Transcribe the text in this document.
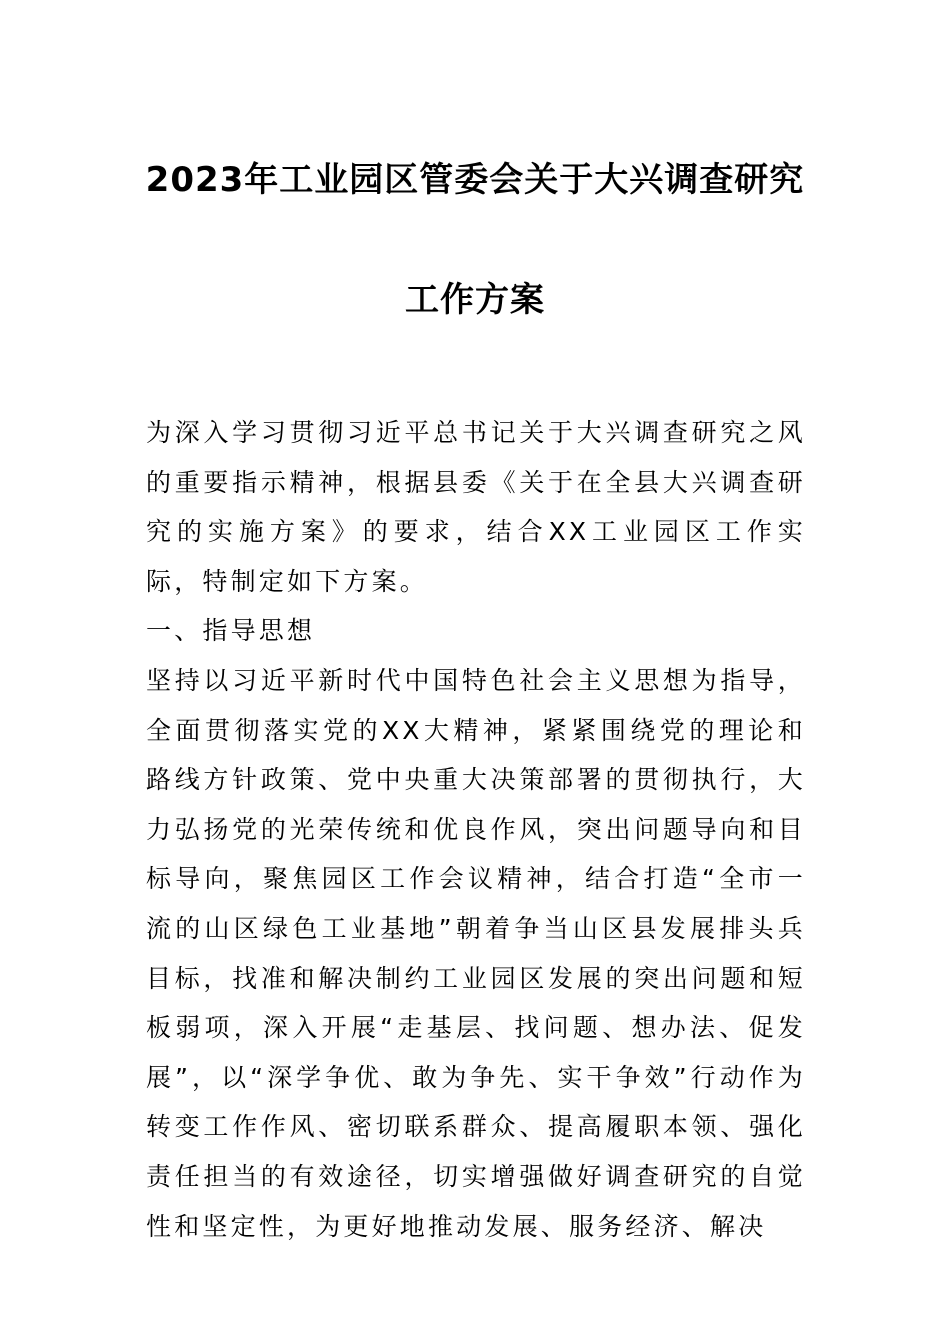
2023年工业园区管委会关于大兴调查研究
工作方案

为深入学习贯彻习近平总书记关于大兴调查研究之风的重要指示精神，根据县委《关于在全县大兴调查研究的实施方案》的要求，结合XX工业园区工作实际，特制定如下方案。

一、指导思想

坚持以习近平新时代中国特色社会主义思想为指导，全面贯彻落实党的XX大精神，紧紧围绕党的理论和路线方针政策、党中央重大决策部署的贯彻执行，大力弘扬党的光荣传统和优良作风，突出问题导向和目标导向，聚焦园区工作会议精神，结合打造“全市一流的山区绿色工业基地”朝着争当山区县发展排头兵目标，找准和解决制约工业园区发展的突出问题和短板弱项，深入开展“走基层、找问题、想办法、促发展”，以“深学争优、敢为争先、实干争效”行动作为转变工作作风、密切联系群众、提高履职本领、强化责任担当的有效途径，切实增强做好调查研究的自觉性和坚定性，为更好地推动发展、服务经济、解决
